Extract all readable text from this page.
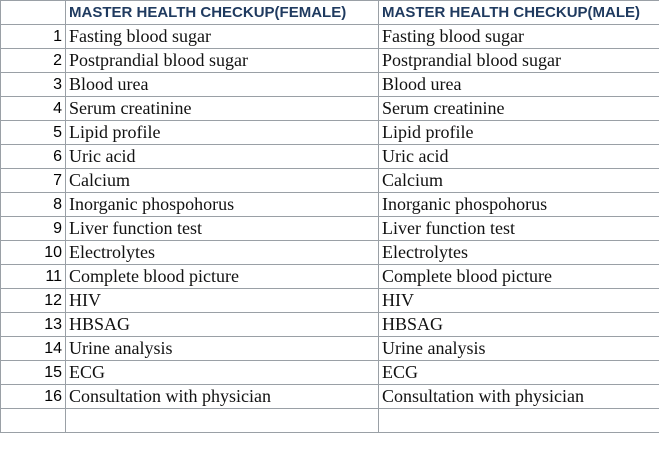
	MASTER HEALTH CHECKUP(FEMALE)	MASTER HEALTH CHECKUP(MALE)
1	Fasting blood sugar	Fasting blood sugar
2	Postprandial blood sugar	Postprandial blood sugar
3	Blood urea	Blood urea
4	Serum creatinine	Serum creatinine
5	Lipid profile	Lipid profile
6	Uric acid	Uric acid
7	Calcium	Calcium
8	Inorganic phospohorus	Inorganic phospohorus
9	Liver function test	Liver function test
10	Electrolytes	Electrolytes
11	Complete blood picture	Complete blood picture
12	HIV	HIV
13	HBSAG	HBSAG
14	Urine analysis	Urine analysis
15	ECG	ECG
16	Consultation with physician	Consultation with physician
